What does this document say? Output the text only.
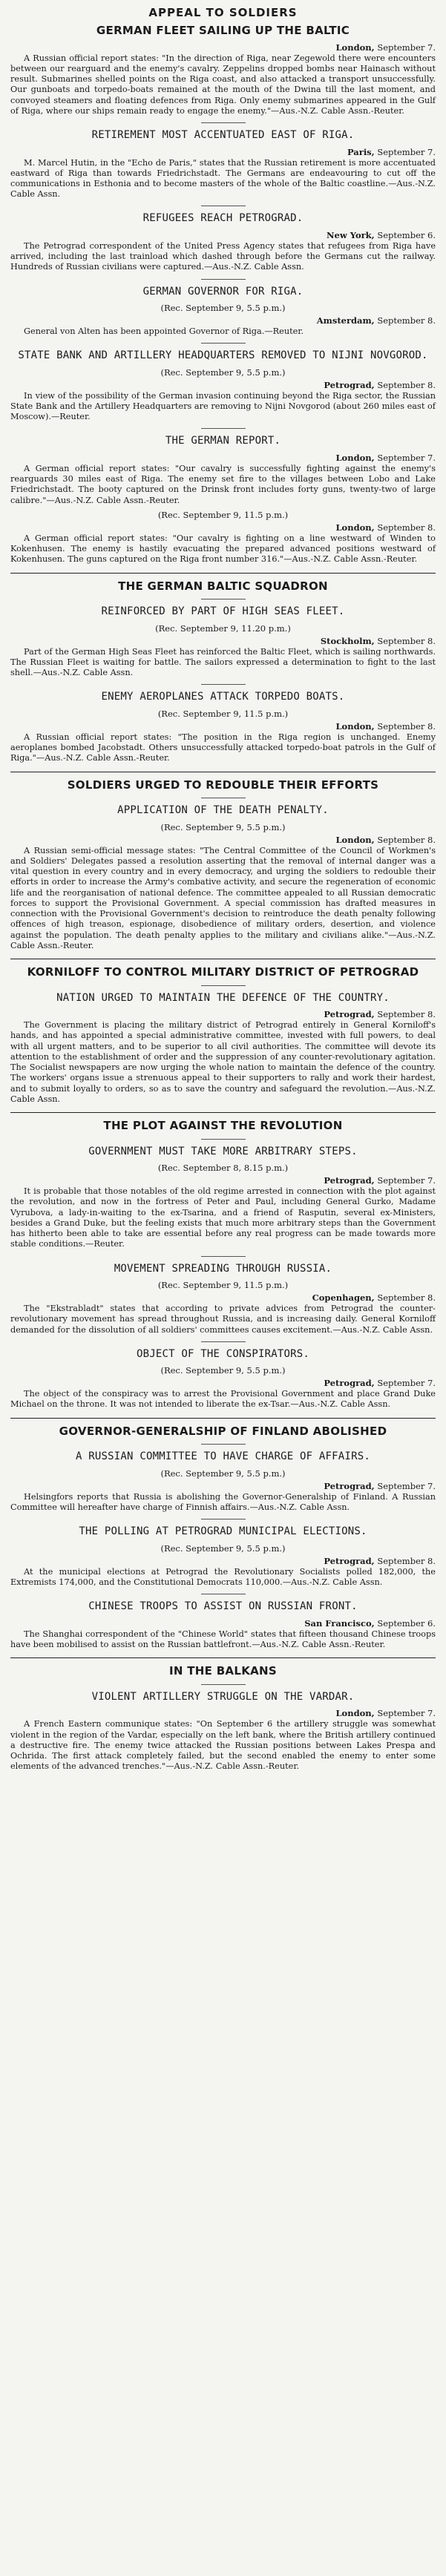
APPEAL TO SOLDIERS
GERMAN FLEET SAILING UP THE BALTIC
London, September 7.

A Russian official report states: "In the direction of Riga, near Zegewold there were encounters between our rearguard and the enemy's cavalry. Zeppelins dropped bombs near Hainasch without result. Submarines shelled points on the Riga coast, and also attacked a transport unsuccessfully. Our gunboats and torpedo-boats remained at the mouth of the Dwina till the last moment, and convoyed steamers and floating defences from Riga. Only enemy submarines appeared in the Gulf of Riga, where our ships remain ready to engage the enemy."—Aus.-N.Z. Cable Assn.-Reuter.

RETIREMENT MOST ACCENTUATED EAST OF RIGA.
Paris, September 7.

M. Marcel Hutin, in the "Echo de Paris," states that the Russian retirement is more accentuated eastward of Riga than towards Friedrichstadt. The Germans are endeavouring to cut off the communications in Esthonia and to become masters of the whole of the Baltic coastline.—Aus.-N.Z. Cable Assn.

REFUGEES REACH PETROGRAD.
New York, September 6.

The Petrograd correspondent of the United Press Agency states that refugees from Riga have arrived, including the last trainload which dashed through before the Germans cut the railway. Hundreds of Russian civilians were captured.—Aus.-N.Z. Cable Assn.

GERMAN GOVERNOR FOR RIGA.
(Rec. September 9, 5.5 p.m.)
Amsterdam, September 8.

General von Alten has been appointed Governor of Riga.—Reuter.

STATE BANK AND ARTILLERY HEADQUARTERS REMOVED TO NIJNI NOVGOROD.
(Rec. September 9, 5.5 p.m.)
Petrograd, September 8.

In view of the possibility of the German invasion continuing beyond the Riga sector, the Russian State Bank and the Artillery Headquarters are removing to Nijni Novgorod (about 260 miles east of Moscow).—Reuter.

THE GERMAN REPORT.
London, September 7.

A German official report states: "Our cavalry is successfully fighting against the enemy's rearguards 30 miles east of Riga. The enemy set fire to the villages between Lobo and Lake Friedrichstadt. The booty captured on the Drinsk front includes forty guns, twenty-two of large calibre."—Aus.-N.Z. Cable Assn.-Reuter.

(Rec. September 9, 11.5 p.m.)
London, September 8.

A German official report states: "Our cavalry is fighting on a line westward of Winden to Kokenhusen. The enemy is hastily evacuating the prepared advanced positions westward of Kokenhusen. The guns captured on the Riga front number 316."—Aus.-N.Z. Cable Assn.-Reuter.

THE GERMAN BALTIC SQUADRON
REINFORCED BY PART OF HIGH SEAS FLEET.
(Rec. September 9, 11.20 p.m.)
Stockholm, September 8.

Part of the German High Seas Fleet has reinforced the Baltic Fleet, which is sailing northwards. The Russian Fleet is waiting for battle. The sailors expressed a determination to fight to the last shell.—Aus.-N.Z. Cable Assn.

ENEMY AEROPLANES ATTACK TORPEDO BOATS.
(Rec. September 9, 11.5 p.m.)
London, September 8.

A Russian official report states: "The position in the Riga region is unchanged. Enemy aeroplanes bombed Jacobstadt. Others unsuccessfully attacked torpedo-boat patrols in the Gulf of Riga."—Aus.-N.Z. Cable Assn.-Reuter.

SOLDIERS URGED TO REDOUBLE THEIR EFFORTS
APPLICATION OF THE DEATH PENALTY.
(Rec. September 9, 5.5 p.m.)
London, September 8.

A Russian semi-official message states: "The Central Committee of the Council of Workmen's and Soldiers' Delegates passed a resolution asserting that the removal of internal danger was a vital question in every country and in every democracy, and urging the soldiers to redouble their efforts in order to increase the Army's combative activity, and secure the regeneration of economic life and the reorganisation of national defence. The committee appealed to all Russian democratic forces to support the Provisional Government. A special commission has drafted measures in connection with the Provisional Government's decision to reintroduce the death penalty following offences of high treason, espionage, disobedience of military orders, desertion, and violence against the population. The death penalty applies to the military and civilians alike."—Aus.-N.Z. Cable Assn.-Reuter.

KORNILOFF TO CONTROL MILITARY DISTRICT OF PETROGRAD
NATION URGED TO MAINTAIN THE DEFENCE OF THE COUNTRY.
Petrograd, September 8.

The Government is placing the military district of Petrograd entirely in General Korniloff's hands, and has appointed a special administrative committee, invested with full powers, to deal with all urgent matters, and to be superior to all civil authorities. The committee will devote its attention to the establishment of order and the suppression of any counter-revolutionary agitation. The Socialist newspapers are now urging the whole nation to maintain the defence of the country. The workers' organs issue a strenuous appeal to their supporters to rally and work their hardest, and to submit loyally to orders, so as to save the country and safeguard the revolution.—Aus.-N.Z. Cable Assn.

THE PLOT AGAINST THE REVOLUTION
GOVERNMENT MUST TAKE MORE ARBITRARY STEPS.
(Rec. September 8, 8.15 p.m.)
Petrograd, September 7.

It is probable that those notables of the old regime arrested in connection with the plot against the revolution, and now in the fortress of Peter and Paul, including General Gurko, Madame Vyrubova, a lady-in-waiting to the ex-Tsarina, and a friend of Rasputin, several ex-Ministers, besides a Grand Duke, but the feeling exists that much more arbitrary steps than the Government has hitherto been able to take are essential before any real progress can be made towards more stable conditions.—Reuter.

MOVEMENT SPREADING THROUGH RUSSIA.
(Rec. September 9, 11.5 p.m.)
Copenhagen, September 8.

The "Ekstrabladt" states that according to private advices from Petrograd the counter-revolutionary movement has spread throughout Russia, and is increasing daily. General Korniloff demanded for the dissolution of all soldiers' committees causes excitement.—Aus.-N.Z. Cable Assn.

OBJECT OF THE CONSPIRATORS.
(Rec. September 9, 5.5 p.m.)
Petrograd, September 7.

The object of the conspiracy was to arrest the Provisional Government and place Grand Duke Michael on the throne. It was not intended to liberate the ex-Tsar.—Aus.-N.Z. Cable Assn.

GOVERNOR-GENERALSHIP OF FINLAND ABOLISHED
A RUSSIAN COMMITTEE TO HAVE CHARGE OF AFFAIRS.
(Rec. September 9, 5.5 p.m.)
Petrograd, September 7.

Helsingfors reports that Russia is abolishing the Governor-Generalship of Finland. A Russian Committee will hereafter have charge of Finnish affairs.—Aus.-N.Z. Cable Assn.

THE POLLING AT PETROGRAD MUNICIPAL ELECTIONS.
(Rec. September 9, 5.5 p.m.)
Petrograd, September 8.

At the municipal elections at Petrograd the Revolutionary Socialists polled 182,000, the Extremists 174,000, and the Constitutional Democrats 110,000.—Aus.-N.Z. Cable Assn.

CHINESE TROOPS TO ASSIST ON RUSSIAN FRONT.
San Francisco, September 6.

The Shanghai correspondent of the "Chinese World" states that fifteen thousand Chinese troops have been mobilised to assist on the Russian battlefront.—Aus.-N.Z. Cable Assn.-Reuter.

IN THE BALKANS
VIOLENT ARTILLERY STRUGGLE ON THE VARDAR.
London, September 7.

A French Eastern communique states: "On September 6 the artillery struggle was somewhat violent in the region of the Vardar, especially on the left bank, where the British artillery continued a destructive fire. The enemy twice attacked the Russian positions between Lakes Prespa and Ochrida. The first attack completely failed, but the second enabled the enemy to enter some elements of the advanced trenches."—Aus.-N.Z. Cable Assn.-Reuter.
